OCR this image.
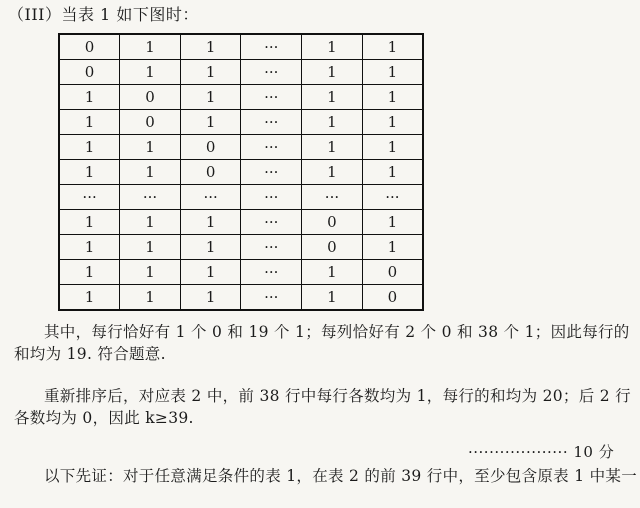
（III）当表 1 如下图时：
0	1	1	···	1	1
0	1	1	···	1	1
1	0	1	···	1	1
1	0	1	···	1	1
1	1	0	···	1	1
1	1	0	···	1	1
···	···	···	···	···	···
1	1	1	···	0	1
1	1	1	···	0	1
1	1	1	···	1	0
1	1	1	···	1	0
其中，每行恰好有 1 个 0 和 19 个 1；每列恰好有 2 个 0 和 38 个 1；因此每行的和均为 19. 符合题意.
重新排序后，对应表 2 中，前 38 行中每行各数均为 1，每行的和均为 20；后 2 行各数均为 0，因此 k≥39.
··················· 10 分
以下先证：对于任意满足条件的表 1，在表 2 的前 39 行中，至少包含原表 1 中某一
